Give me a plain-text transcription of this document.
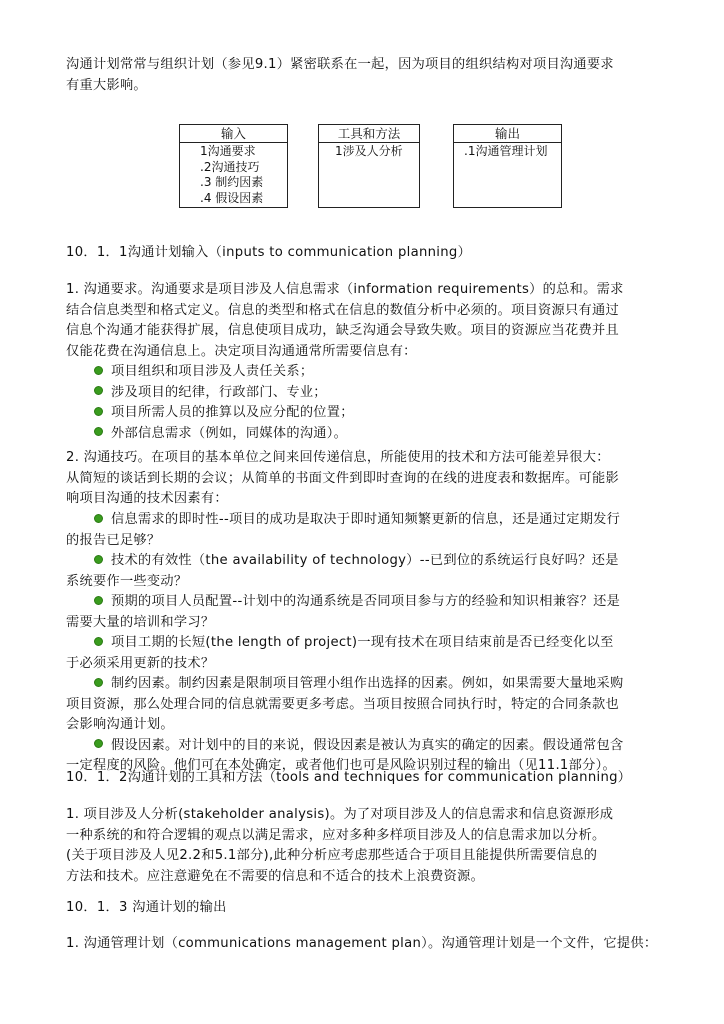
沟通计划常常与组织计划（参见9.1）紧密联系在一起，因为项目的组织结构对项目沟通要求
有重大影响。
输入
1沟通要求
.2沟通技巧
.3 制约因素
.4 假设因素
工具和方法
1涉及人分析
输出
.1沟通管理计划
10．1．1沟通计划输入（inputs to communication planning）
1. 沟通要求。沟通要求是项目涉及人信息需求（information requirements）的总和。需求
结合信息类型和格式定义。信息的类型和格式在信息的数值分析中必须的。项目资源只有通过
信息个沟通才能获得扩展，信息使项目成功，缺乏沟通会导致失败。项目的资源应当花费并且
仅能花费在沟通信息上。决定项目沟通通常所需要信息有：
项目组织和项目涉及人责任关系；
涉及项目的纪律，行政部门、专业；
项目所需人员的推算以及应分配的位置；
外部信息需求（例如，同媒体的沟通）。
2. 沟通技巧。在项目的基本单位之间来回传递信息，所能使用的技术和方法可能差异很大：
从简短的谈话到长期的会议；从简单的书面文件到即时查询的在线的进度表和数据库。可能影
响项目沟通的技术因素有：
信息需求的即时性--项目的成功是取决于即时通知频繁更新的信息，还是通过定期发行
的报告已足够？
技术的有效性（the availability of technology）--已到位的系统运行良好吗？还是
系统要作一些变动？
预期的项目人员配置--计划中的沟通系统是否同项目参与方的经验和知识相兼容？还是
需要大量的培训和学习？
项目工期的长短(the length of project)一现有技术在项目结束前是否已经变化以至
于必须采用更新的技术？
制约因素。制约因素是限制项目管理小组作出选择的因素。例如，如果需要大量地采购
项目资源，那么处理合同的信息就需要更多考虑。当项目按照合同执行时，特定的合同条款也
会影响沟通计划。
假设因素。对计划中的目的来说，假设因素是被认为真实的确定的因素。假设通常包含
一定程度的风险。他们可在本处确定，或者他们也可是风险识别过程的输出（见11.1部分）。
10．1．2沟通计划的工具和方法（tools and techniques for communication planning）
1. 项目涉及人分析(stakeholder analysis)。为了对项目涉及人的信息需求和信息资源形成
一种系统的和符合逻辑的观点以满足需求，应对多种多样项目涉及人的信息需求加以分析。
(关于项目涉及人见2.2和5.1部分),此种分析应考虑那些适合于项目且能提供所需要信息的
方法和技术。应注意避免在不需要的信息和不适合的技术上浪费资源。
10．1．3 沟通计划的输出
1. 沟通管理计划（communications management plan）。沟通管理计划是一个文件，它提供：
